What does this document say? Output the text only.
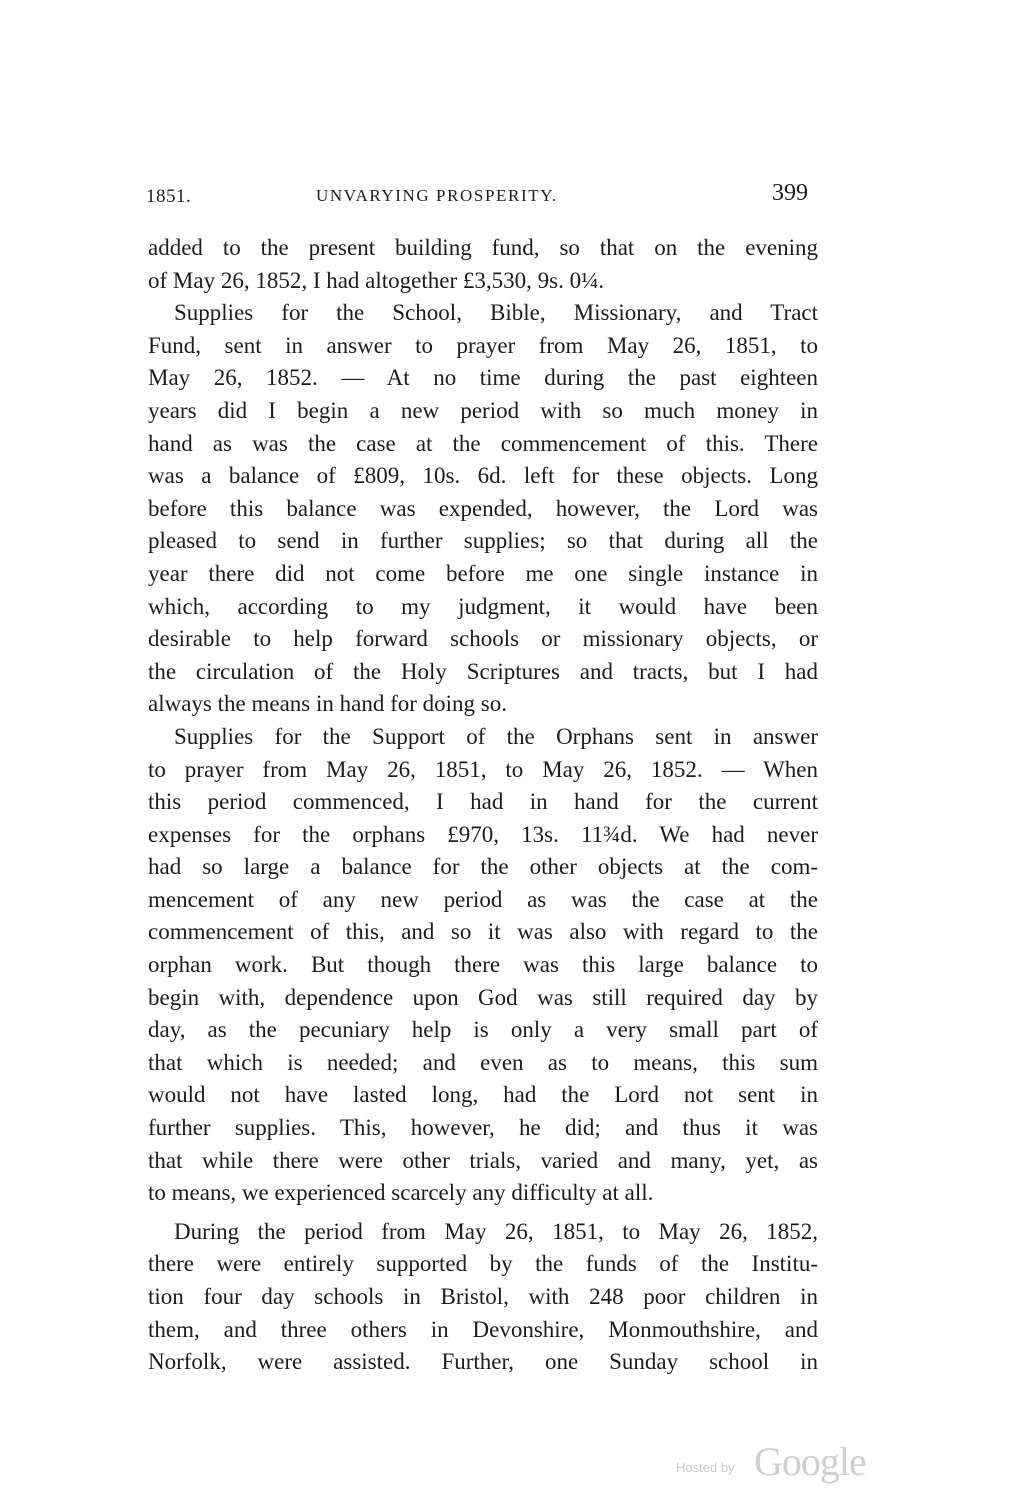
1851.	UNVARYING PROSPERITY.	399
added to the present building fund, so that on the evening
of May 26, 1852, I had altogether £3,530, 9s. 0¼.
Supplies for the School, Bible, Missionary, and Tract
Fund, sent in answer to prayer from May 26, 1851, to
May 26, 1852. — At no time during the past eighteen
years did I begin a new period with so much money in
hand as was the case at the commencement of this. There
was a balance of £809, 10s. 6d. left for these objects. Long
before this balance was expended, however, the Lord was
pleased to send in further supplies; so that during all the
year there did not come before me one single instance in
which, according to my judgment, it would have been
desirable to help forward schools or missionary objects, or
the circulation of the Holy Scriptures and tracts, but I had
always the means in hand for doing so.
Supplies for the Support of the Orphans sent in answer
to prayer from May 26, 1851, to May 26, 1852. — When
this period commenced, I had in hand for the current
expenses for the orphans £970, 13s. 11¾d. We had never
had so large a balance for the other objects at the com-
mencement of any new period as was the case at the
commencement of this, and so it was also with regard to the
orphan work. But though there was this large balance to
begin with, dependence upon God was still required day by
day, as the pecuniary help is only a very small part of
that which is needed; and even as to means, this sum
would not have lasted long, had the Lord not sent in
further supplies. This, however, he did; and thus it was
that while there were other trials, varied and many, yet, as
to means, we experienced scarcely any difficulty at all.
During the period from May 26, 1851, to May 26, 1852,
there were entirely supported by the funds of the Institu-
tion four day schools in Bristol, with 248 poor children in
them, and three others in Devonshire, Monmouthshire, and
Norfolk, were assisted. Further, one Sunday school in
Hosted by Google
